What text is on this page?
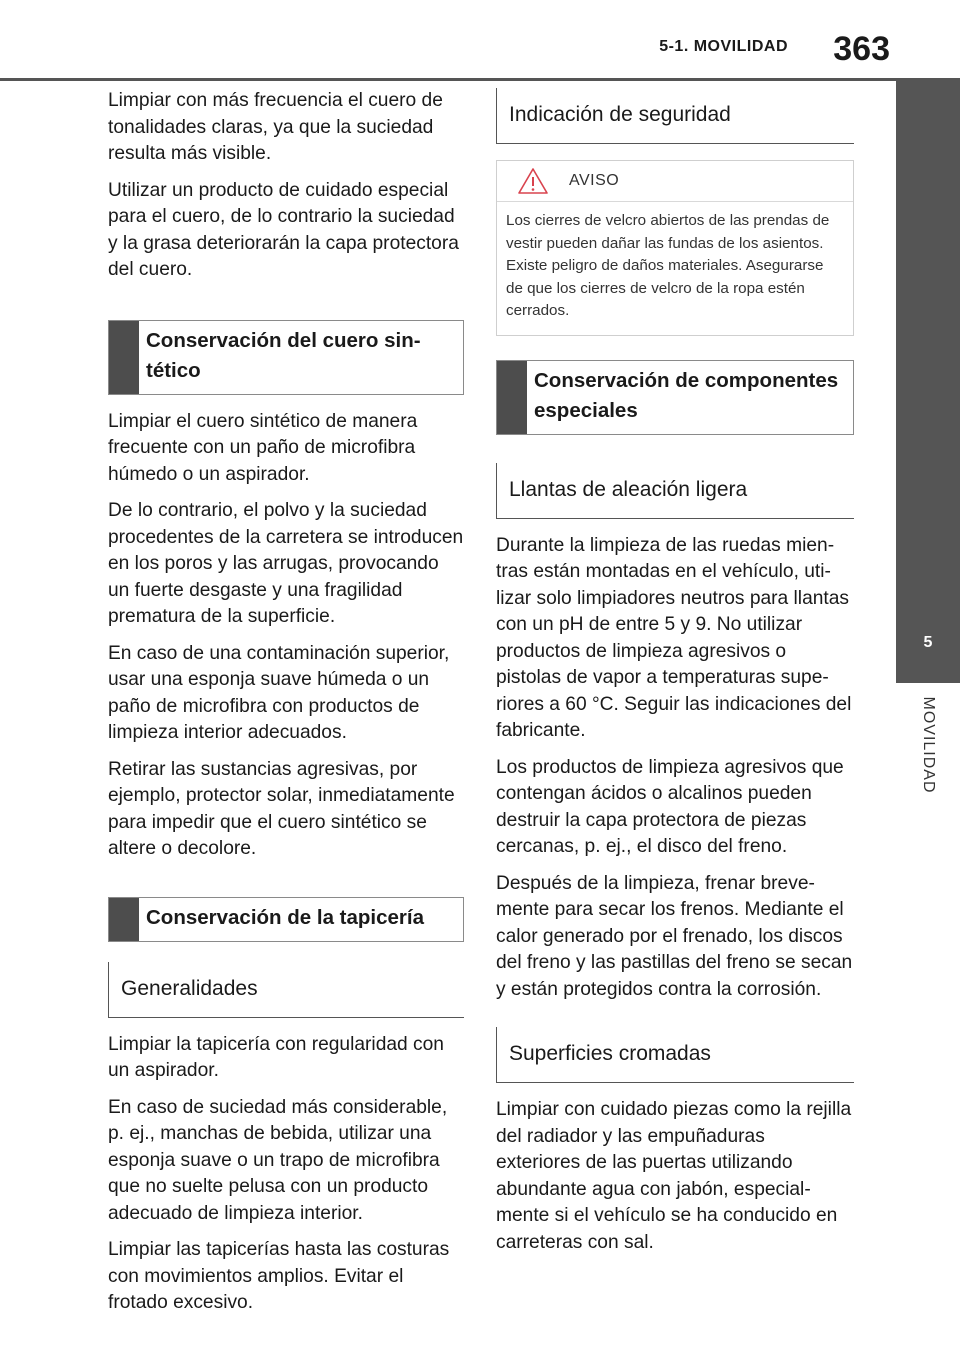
5-1. MOVILIDAD	363
5
MOVILIDAD

Limpiar con más frecuencia el cuero de tonalidades claras, ya que la suciedad resulta más visible.

Utilizar un producto de cuidado especial para el cuero, de lo contrario la suciedad y la grasa deteriorarán la capa protectora del cuero.

Conservación del cuero sintético

Limpiar el cuero sintético de manera frecuente con un paño de microfibra húmedo o un aspirador.

De lo contrario, el polvo y la suciedad procedentes de la carretera se introducen en los poros y las arrugas, provocando un fuerte desgaste y una fragilidad prematura de la superficie.

En caso de una contaminación superior, usar una esponja suave húmeda o un paño de microfibra con productos de limpieza interior adecuados.

Retirar las sustancias agresivas, por ejemplo, protector solar, inmediatamente para impedir que el cuero sintético se altere o decolore.

Conservación de la tapicería
Generalidades

Limpiar la tapicería con regularidad con un aspirador.

En caso de suciedad más considerable, p. ej., manchas de bebida, utilizar una esponja suave o un trapo de microfibra que no suelte pelusa con un producto adecuado de limpieza interior.

Limpiar las tapicerías hasta las costuras con movimientos amplios. Evitar el frotado excesivo.

Indicación de seguridad
AVISO
Los cierres de velcro abiertos de las prendas de vestir pueden dañar las fundas de los asientos. Existe peligro de daños materiales. Asegurarse de que los cierres de velcro de la ropa estén cerrados.
Conservación de componentes especiales
Llantas de aleación ligera

Durante la limpieza de las ruedas mientras están montadas en el vehículo, utilizar solo limpiadores neutros para llantas con un pH de entre 5 y 9. No utilizar productos de limpieza agresivos o pistolas de vapor a temperaturas superiores a 60 °C. Seguir las indicaciones del fabricante.

Los productos de limpieza agresivos que contengan ácidos o alcalinos pueden destruir la capa protectora de piezas cercanas, p. ej., el disco del freno.

Después de la limpieza, frenar brevemente para secar los frenos. Mediante el calor generado por el frenado, los discos del freno y las pastillas del freno se secan y están protegidos contra la corrosión.

Superficies cromadas

Limpiar con cuidado piezas como la rejilla del radiador y las empuñaduras exteriores de las puertas utilizando abundante agua con jabón, especialmente si el vehículo se ha conducido en carreteras con sal.
